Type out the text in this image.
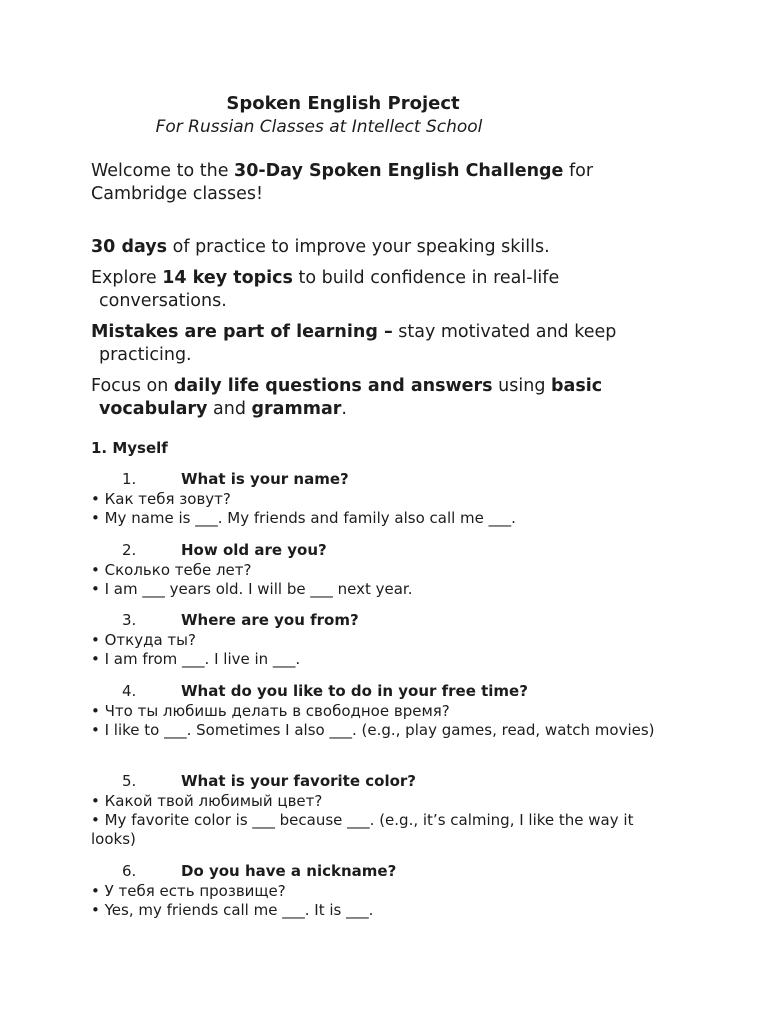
Spoken English Project

For Russian Classes at Intellect School

Welcome to the 30-Day Spoken English Challenge for Cambridge classes!

30 days of practice to improve your speaking skills.

Explore 14 key topics to build confidence in real-life
conversations.

Mistakes are part of learning – stay motivated and keep
practicing.

Focus on daily life questions and answers using basic
vocabulary and grammar.

1. Myself

1.	What is your name?

• Как тебя зовут?

• My name is ___. My friends and family also call me ___.

2.	How old are you?

• Сколько тебе лет?

• I am ___ years old. I will be ___ next year.

3.	Where are you from?

• Откуда ты?

• I am from ___. I live in ___.

4.	What do you like to do in your free time?

• Что ты любишь делать в свободное время?

• I like to ___. Sometimes I also ___. (e.g., play games, read, watch movies)

5.	What is your favorite color?

• Какой твой любимый цвет?

• My favorite color is ___ because ___. (e.g., it’s calming, I like the way it looks)

6.	Do you have a nickname?

• У тебя есть прозвище?

• Yes, my friends call me ___. It is ___.
